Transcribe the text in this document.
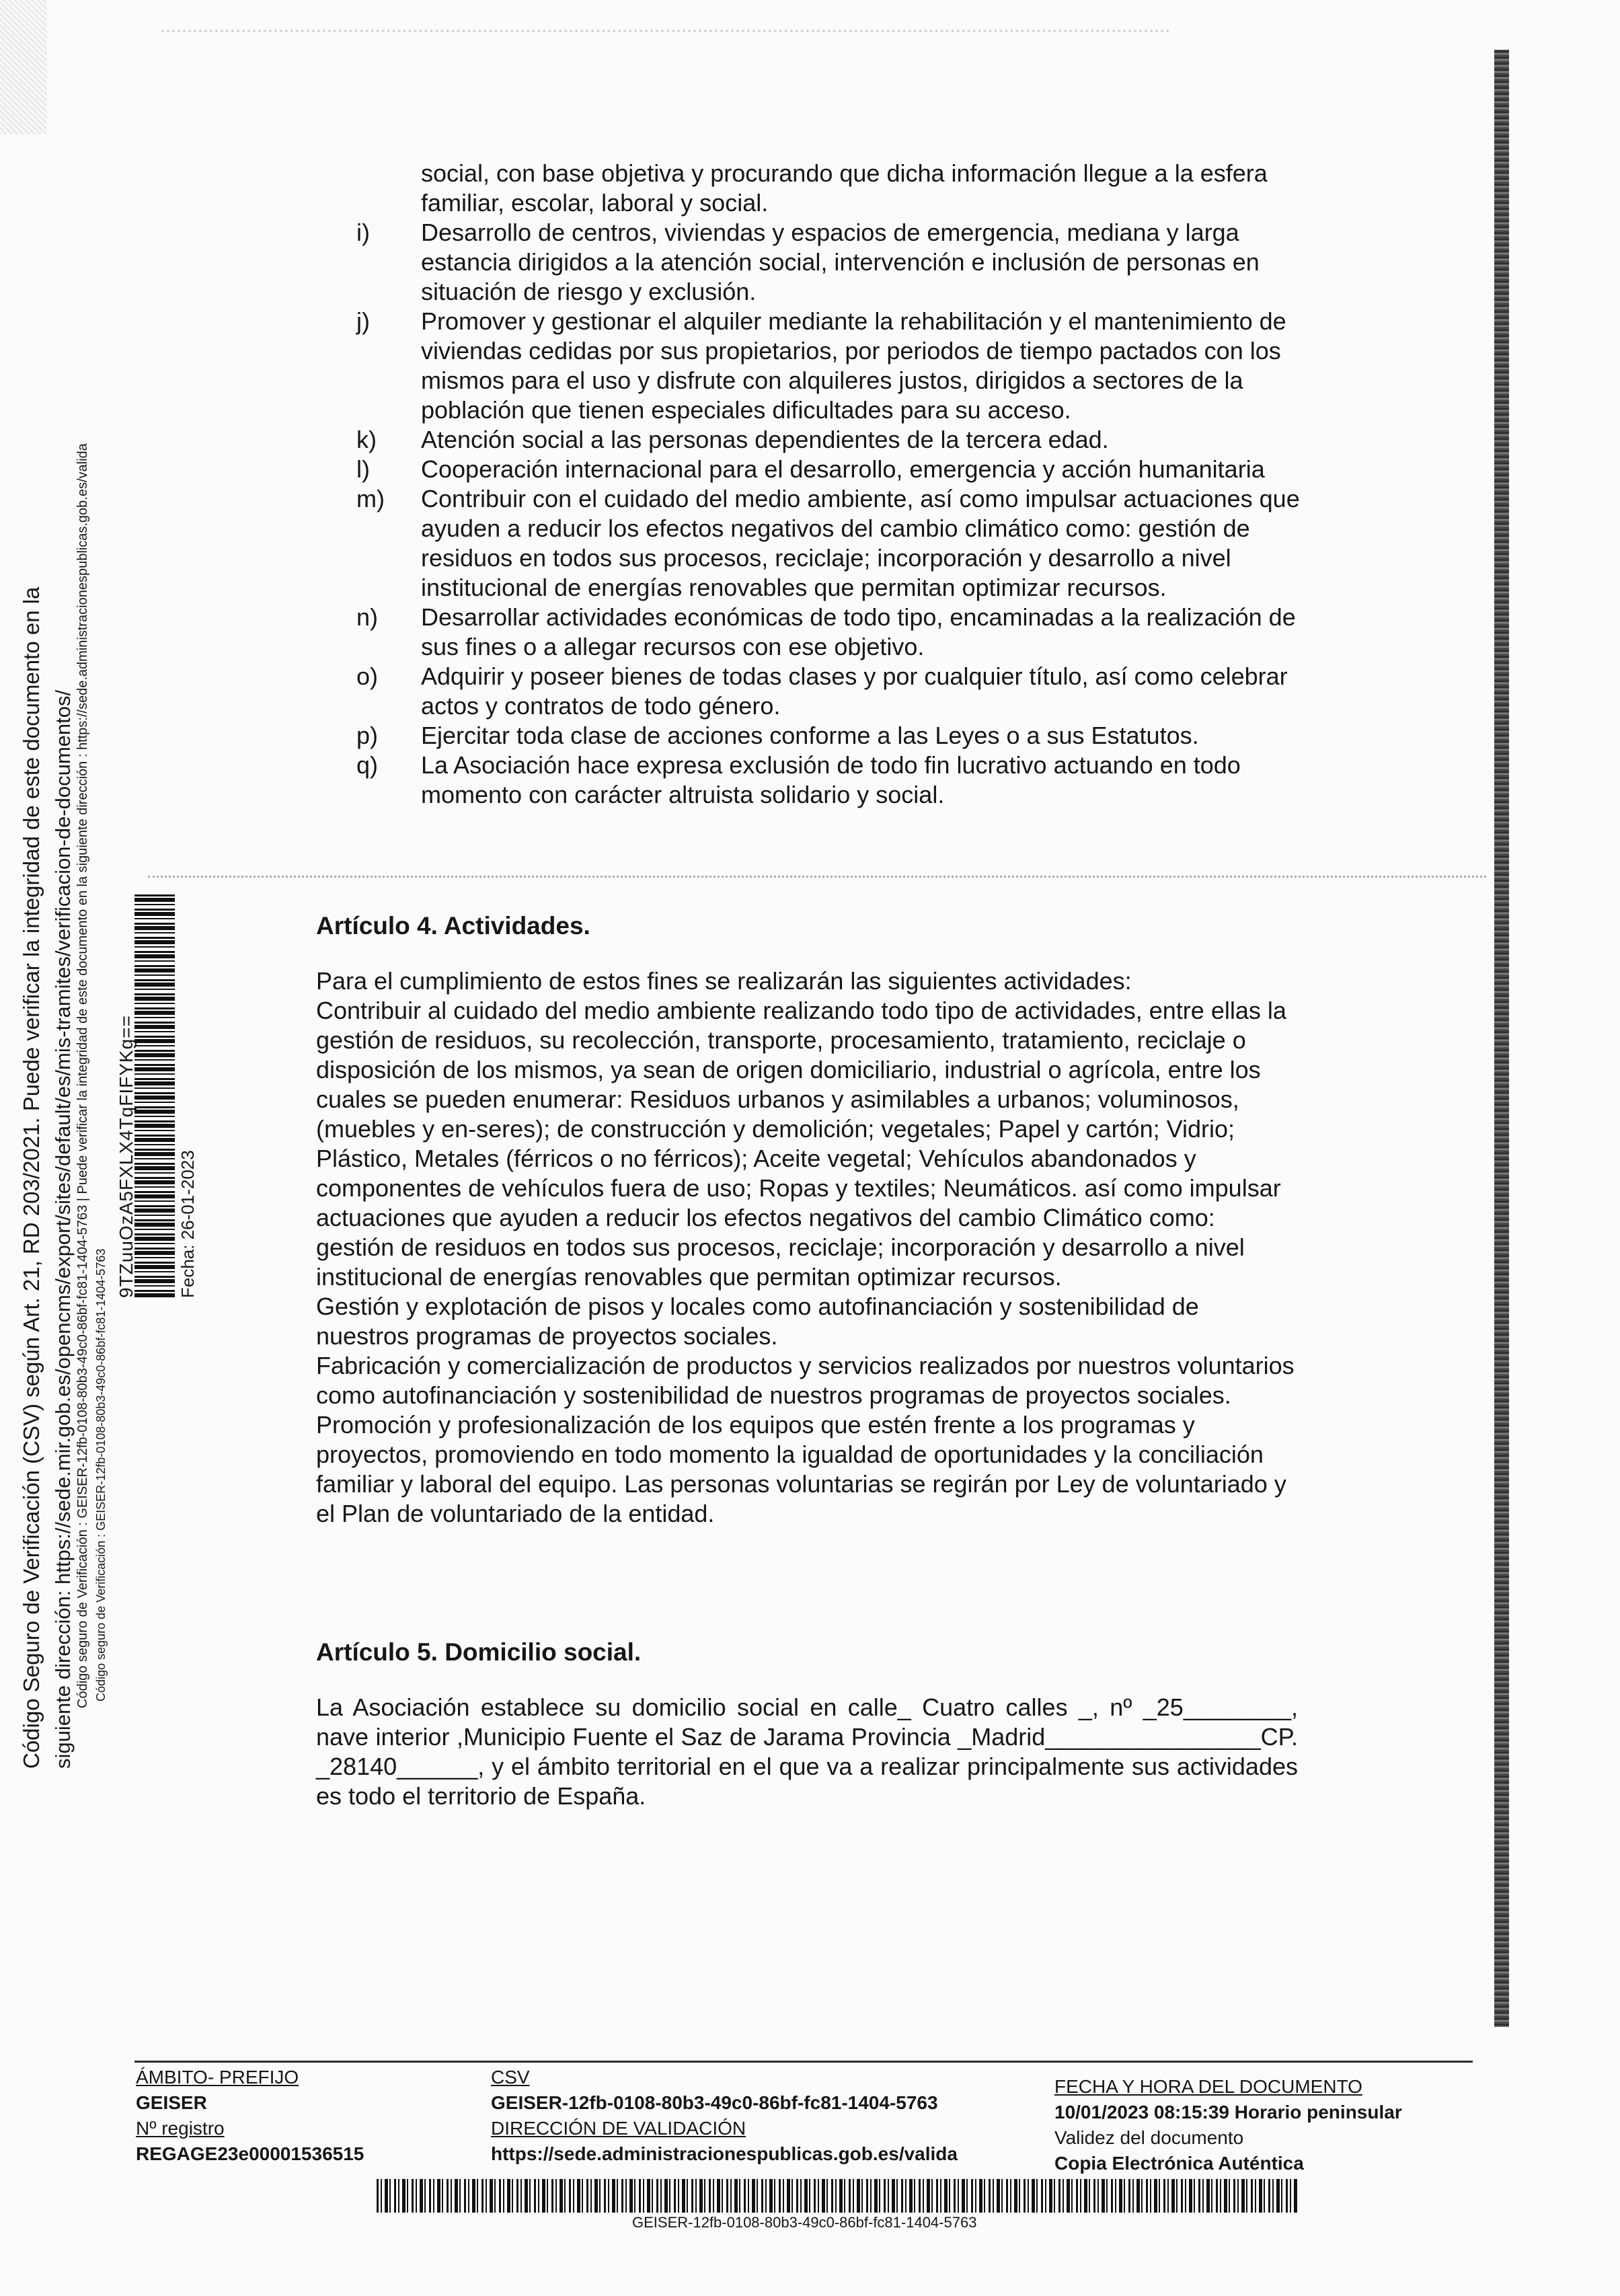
Código Seguro de Verificación (CSV) según Art. 21, RD 203/2021. Puede verificar la integridad de este documento en la siguiente dirección: https://sede.mir.gob.es/opencms/export/sites/default/es/mis-tramites/verificacion-de-documentos/ Código seguro de Verificación : GEISER-12fb-0108-80b3-49c0-86bf-fc81-1404-5763 | Puede verificar la integridad de este documento en la siguiente dirección : https://sede.administracionespublicas.gob.es/valida Código seguro de Verificación : GEISER-12fb-0108-80b3-49c0-86bf-fc81-1404-5763
9TZuuOzA5FXLX4TqFIFYKg== Fecha: 26-01-2023

social, con base objetiva y procurando que dicha información llegue a la esfera familiar, escolar, laboral y social.

i)	Desarrollo de centros, viviendas y espacios de emergencia, mediana y larga estancia dirigidos a la atención social, intervención e inclusión de personas en situación de riesgo y exclusión.

j)	Promover y gestionar el alquiler mediante la rehabilitación y el mantenimiento de viviendas cedidas por sus propietarios, por periodos de tiempo pactados con los mismos para el uso y disfrute con alquileres justos, dirigidos a sectores de la población que tienen especiales dificultades para su acceso.

k)	Atención social a las personas dependientes de la tercera edad.

l)	Cooperación internacional para el desarrollo, emergencia y acción humanitaria

m)	Contribuir con el cuidado del medio ambiente, así como impulsar actuaciones que ayuden a reducir los efectos negativos del cambio climático como: gestión de residuos en todos sus procesos, reciclaje; incorporación y desarrollo a nivel institucional de energías renovables que permitan optimizar recursos.

n)	Desarrollar actividades económicas de todo tipo, encaminadas a la realización de sus fines o a allegar recursos con ese objetivo.

o)	Adquirir y poseer bienes de todas clases y por cualquier título, así como celebrar actos y contratos de todo género.

p)	Ejercitar toda clase de acciones conforme a las Leyes o a sus Estatutos.

q)	La Asociación hace expresa exclusión de todo fin lucrativo actuando en todo momento con carácter altruista solidario y social.

Artículo 4. Actividades.

Para el cumplimiento de estos fines se realizarán las siguientes actividades:

Contribuir al cuidado del medio ambiente realizando todo tipo de actividades, entre ellas la gestión de residuos, su recolección, transporte, procesamiento, tratamiento, reciclaje o disposición de los mismos, ya sean de origen domiciliario, industrial o agrícola, entre los cuales se pueden enumerar: Residuos urbanos y asimilables a urbanos; voluminosos, (muebles y en-seres); de construcción y demolición; vegetales; Papel y cartón; Vidrio; Plástico, Metales (férricos o no férricos); Aceite vegetal; Vehículos abandonados y componentes de vehículos fuera de uso; Ropas y textiles; Neumáticos. así como impulsar actuaciones que ayuden a reducir los efectos negativos del cambio Climático como: gestión de residuos en todos sus procesos, reciclaje; incorporación y desarrollo a nivel institucional de energías renovables que permitan optimizar recursos.

Gestión y explotación de pisos y locales como autofinanciación y sostenibilidad de nuestros programas de proyectos sociales.

Fabricación y comercialización de productos y servicios realizados por nuestros voluntarios como autofinanciación y sostenibilidad de nuestros programas de proyectos sociales.

Promoción y profesionalización de los equipos que estén frente a los programas y proyectos, promoviendo en todo momento la igualdad de oportunidades y la conciliación familiar y laboral del equipo. Las personas voluntarias se regirán por Ley de voluntariado y el Plan de voluntariado de la entidad.

Artículo 5. Domicilio social.

La Asociación establece su domicilio social en calle_ Cuatro calles _, nº _25________, nave interior ,Municipio Fuente el Saz de Jarama Provincia _Madrid________________CP. _28140______, y el ámbito territorial en el que va a realizar principalmente sus actividades es todo el territorio de España.

ÁMBITO- PREFIJO
GEISER
Nº registro
REGAGE23e00001536515
CSV
GEISER-12fb-0108-80b3-49c0-86bf-fc81-1404-5763
DIRECCIÓN DE VALIDACIÓN
https://sede.administracionespublicas.gob.es/valida
FECHA Y HORA DEL DOCUMENTO
10/01/2023 08:15:39 Horario peninsular
Validez del documento
Copia Electrónica Auténtica
GEISER-12fb-0108-80b3-49c0-86bf-fc81-1404-5763
